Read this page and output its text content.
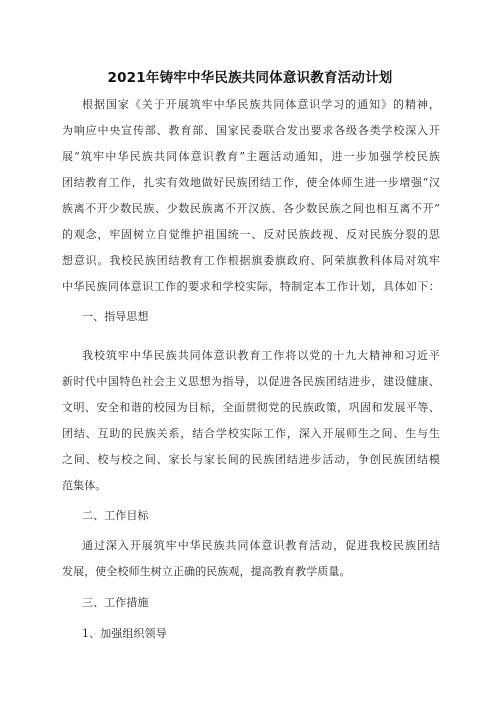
2021年铸牢中华民族共同体意识教育活动计划
根据国家《关于开展筑牢中华民族共同体意识学习的通知》的精神，
为响应中央宣传部、教育部、国家民委联合发出要求各级各类学校深入开
展“筑牢中华民族共同体意识教育”主题活动通知，进一步加强学校民族
团结教育工作，扎实有效地做好民族团结工作，使全体师生进一步增强“汉
族离不开少数民族、少数民族离不开汉族、各少数民族之间也相互离不开”
的观念，牢固树立自觉维护祖国统一、反对民族歧视、反对民族分裂的思
想意识。我校民族团结教育工作根据旗委旗政府、阿荣旗教科体局对筑牢
中华民族同体意识工作的要求和学校实际，特制定本工作计划，具体如下：
一、指导思想
我校筑牢中华民族共同体意识教育工作将以党的十九大精神和习近平
新时代中国特色社会主义思想为指导，以促进各民族团结进步，建设健康、
文明、安全和谐的校园为目标，全面贯彻党的民族政策，巩固和发展平等、
团结、互助的民族关系，结合学校实际工作，深入开展师生之间、生与生
之间、校与校之间、家长与家长间的民族团结进步活动，争创民族团结模
范集体。
二、工作目标
通过深入开展筑牢中华民族共同体意识教育活动，促进我校民族团结
发展，使全校师生树立正确的民族观，提高教育教学质量。
三、工作措施
1、加强组织领导
